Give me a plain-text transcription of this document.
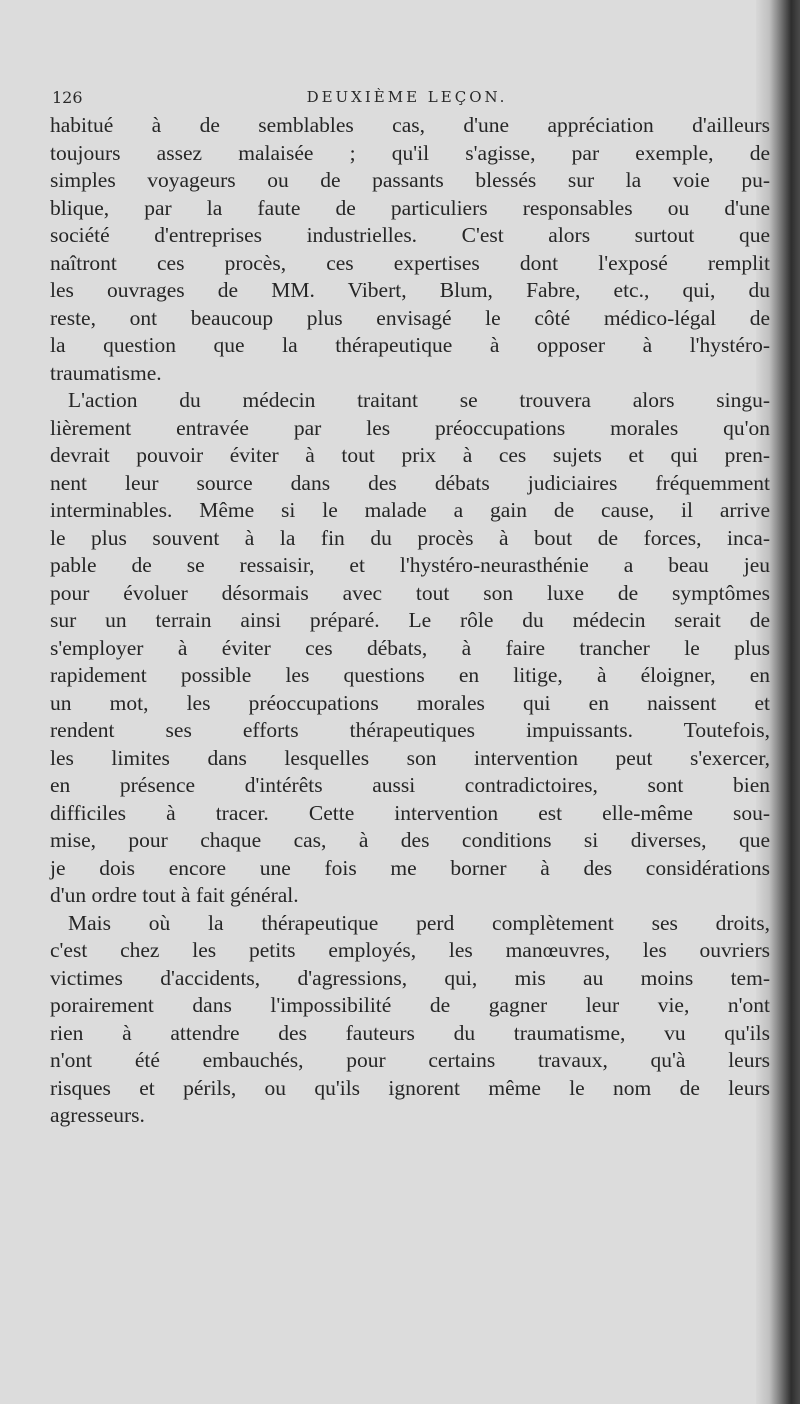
126	DEUXIÈME LEÇON.
habitué à de semblables cas, d'une appréciation d'ailleurs
toujours assez malaisée ; qu'il s'agisse, par exemple, de
simples voyageurs ou de passants blessés sur la voie pu-
blique, par la faute de particuliers responsables ou d'une
société d'entreprises industrielles. C'est alors surtout que
naîtront ces procès, ces expertises dont l'exposé remplit
les ouvrages de MM. Vibert, Blum, Fabre, etc., qui, du
reste, ont beaucoup plus envisagé le côté médico-légal de
la question que la thérapeutique à opposer à l'hystéro-
traumatisme.
L'action du médecin traitant se trouvera alors singu-
lièrement entravée par les préoccupations morales qu'on
devrait pouvoir éviter à tout prix à ces sujets et qui pren-
nent leur source dans des débats judiciaires fréquemment
interminables. Même si le malade a gain de cause, il arrive
le plus souvent à la fin du procès à bout de forces, inca-
pable de se ressaisir, et l'hystéro-neurasthénie a beau jeu
pour évoluer désormais avec tout son luxe de symptômes
sur un terrain ainsi préparé. Le rôle du médecin serait de
s'employer à éviter ces débats, à faire trancher le plus
rapidement possible les questions en litige, à éloigner, en
un mot, les préoccupations morales qui en naissent et
rendent ses efforts thérapeutiques impuissants. Toutefois,
les limites dans lesquelles son intervention peut s'exercer,
en présence d'intérêts aussi contradictoires, sont bien
difficiles à tracer. Cette intervention est elle-même sou-
mise, pour chaque cas, à des conditions si diverses, que
je dois encore une fois me borner à des considérations
d'un ordre tout à fait général.
Mais où la thérapeutique perd complètement ses droits,
c'est chez les petits employés, les manœuvres, les ouvriers
victimes d'accidents, d'agressions, qui, mis au moins tem-
porairement dans l'impossibilité de gagner leur vie, n'ont
rien à attendre des fauteurs du traumatisme, vu qu'ils
n'ont été embauchés, pour certains travaux, qu'à leurs
risques et périls, ou qu'ils ignorent même le nom de leurs
agresseurs.
